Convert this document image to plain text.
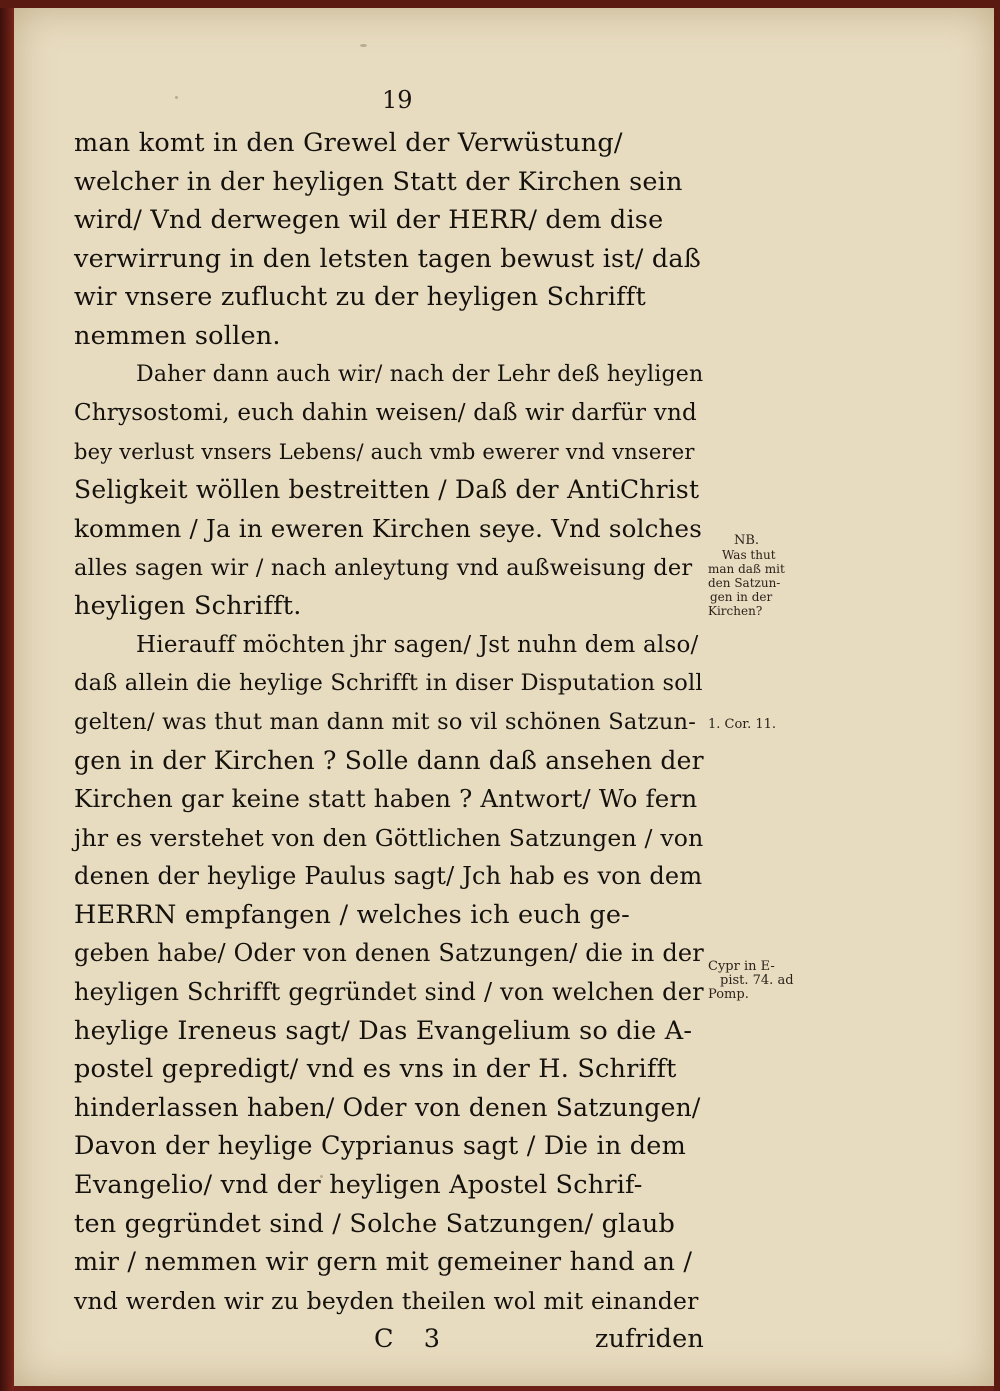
19
man komt in den Grewel der Verwüstung/
welcher in der heyligen Statt der Kirchen sein
wird/ Vnd derwegen wil der HERR/ dem dise
verwirrung in den letsten tagen bewust ist/ daß
wir vnsere zuflucht zu der heyligen Schrifft
nemmen sollen.
Daher dann auch wir/ nach der Lehr deß heyligen
Chrysostomi, euch dahin weisen/ daß wir darfür vnd
bey verlust vnsers Lebens/ auch vmb ewerer vnd vnserer
Seligkeit wöllen bestreitten / Daß der AntiChrist
kommen / Ja in eweren Kirchen seye. Vnd solches
alles sagen wir / nach anleytung vnd außweisung der
heyligen Schrifft.
Hierauff möchten jhr sagen/ Jst nuhn dem also/
daß allein die heylige Schrifft in diser Disputation soll
gelten/ was thut man dann mit so vil schönen Satzun-
gen in der Kirchen ? Solle dann daß ansehen der
Kirchen gar keine statt haben ? Antwort/ Wo fern
jhr es verstehet von den Göttlichen Satzungen / von
denen der heylige Paulus sagt/ Jch hab es von dem
HERRN empfangen / welches ich euch ge-
geben habe/ Oder von denen Satzungen/ die in der
heyligen Schrifft gegründet sind / von welchen der
heylige Ireneus sagt/ Das Evangelium so die A-
postel gepredigt/ vnd es vns in der H. Schrifft
hinderlassen haben/ Oder von denen Satzungen/
Davon der heylige Cyprianus sagt / Die in dem
Evangelio/ vnd der heyligen Apostel Schrif-
ten gegründet sind / Solche Satzungen/ glaub
mir / nemmen wir gern mit gemeiner hand an /
vnd werden wir zu beyden theilen wol mit einander
C 3	zufriden
NB.
Was thut
man daß mit
den Satzun-
gen in der
Kirchen?
1. Cor. 11.
Cypr in E-
pist. 74. ad
Pomp.
